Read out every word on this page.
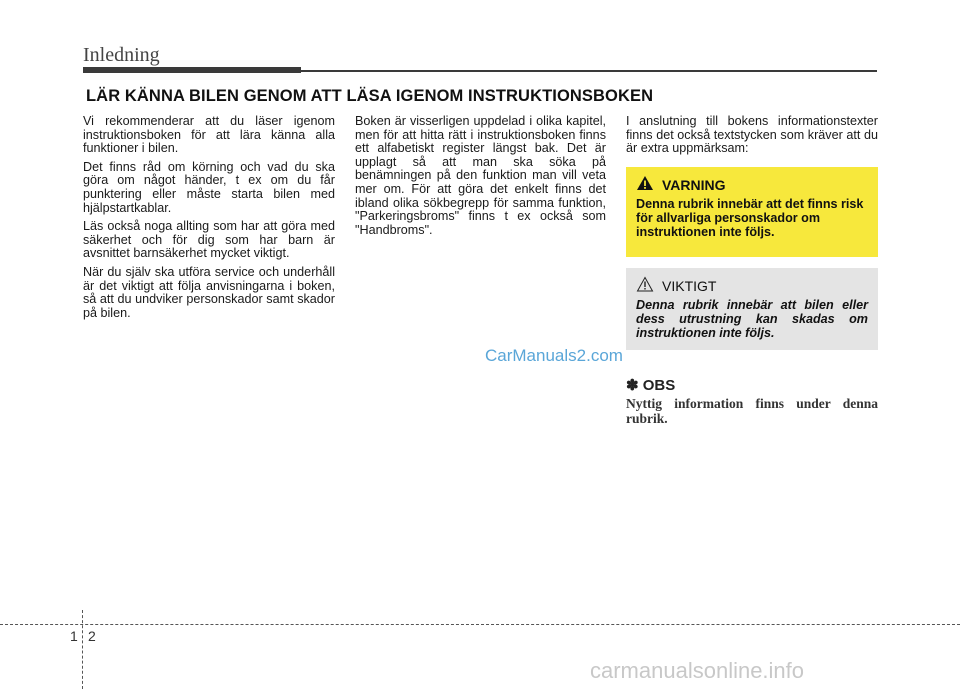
Inledning
LÄR KÄNNA BILEN GENOM ATT LÄSA IGENOM INSTRUKTIONSBOKEN

Vi rekommenderar att du läser igenom instruktionsboken för att lära känna alla funktioner i bilen.

Det finns råd om körning och vad du ska göra om något händer, t ex om du får punktering eller måste starta bilen med hjälpstartkablar.

Läs också noga allting som har att göra med säkerhet och för dig som har barn är avsnittet barnsäkerhet mycket viktigt.

När du själv ska utföra service och underhåll är det viktigt att följa anvisningarna i boken, så att du undviker personskador samt skador på bilen.

Boken är visserligen uppdelad i olika kapitel, men för att hitta rätt i instruktionsboken finns ett alfabetiskt register längst bak. Det är upplagt så att man ska söka på benämningen på den funktion man vill veta mer om. För att göra det enkelt finns det ibland olika sökbegrepp för samma funktion, "Parkeringsbroms" finns t ex också som "Handbroms".

I anslutning till bokens informationstexter finns det också textstycken som kräver att du är extra uppmärksam:

VARNING
Denna rubrik innebär att det finns risk för allvarliga personskador om instruktionen inte följs.
VIKTIGT
Denna rubrik innebär att bilen eller dess utrustning kan skadas om instruktionen inte följs.
CarManuals2.com
✽ OBS
Nyttig information finns under denna rubrik.
1 2
carmanualsonline.info
